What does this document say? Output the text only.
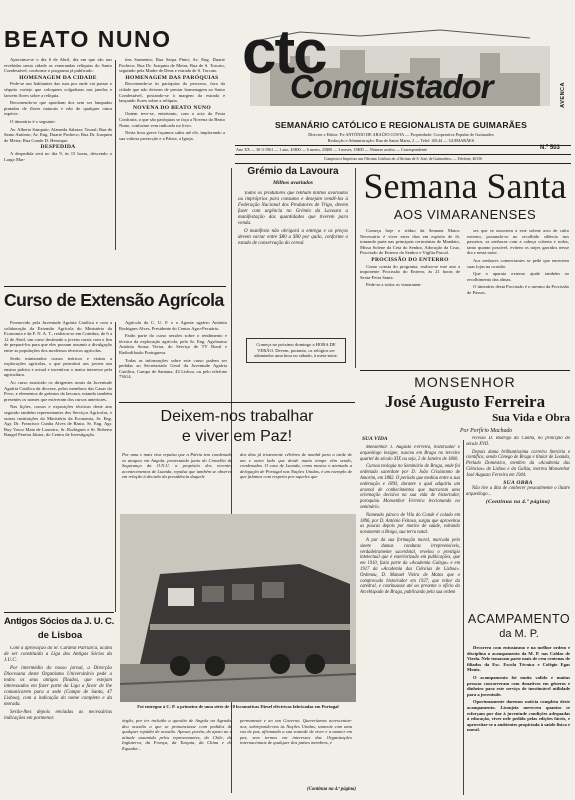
BEATO NUNO

Aproxima-se o dia 6 de Abril, dia em que são aos recebidas nesta cidade as venerandas relíquias do Santo Condestável, conforme o programa já publicado.

HOMENAGEM DA CIDADE

Pede-se aos habitantes das ruas por onde vai passar o séquito cortejo que coloquem colgaduras nas janelas e lancem flores sobre a relíquia.

Recomenda-se que aponham dos sem ser lampadas pintadas de flores naturais e não de qualquer outra espécie.

O itinerário é o seguinte:

Av. Alberto Sampaio; Alameda Salazar; Toural; Rua de Santo António; Av. Eng. Duarte Pacheco; Rua Dr. Joaquim de Meira; Rua Conde D. Henrique.

DESPEDIDA

A despedida será no dia 9, às 15 horas, descendo o Largo Mar-

tins Sarmento; Rua Serpa Pinto; Av. Eng. Duarte Pacheco; Rua Dr. Joaquim de Meira; Rua de S. Torcato, seguindo pela Madre de Deus e estrada de S. Torcato.

HOMENAGEM DAS PARÓQUIAS

Recomenda-se às paróquias do percurso, fora da cidade que não deixem de prestar homenagem ao Santo Condestável, postando-se à margem da estrada e lançando flores sobre a relíquia.

NOVENA DO BEATO NUNO

Ontem teve-se, entretanto, com a acta da Festa Confraria, a que são paróquias se faça a Novena do Beato Nuno, conforme vem indicado no livro.

Nesta hora grave façamos subir até ele, implorando a sua valiosa protecção e a Pátria, a Igreja.

ctc
Conquistador	AVENCA
SEMANÁRIO CATÓLICO E REGIONALISTA DE GUIMARÃES
Director e Editor: P.e ANTÓNIO DE ARAÚJO COSTA — Propriedade: Cooperativa Popular de Guimarães
Redacção e Administração: Rua de Santa Maria, 2 — Telef. 40144 — GUIMARÃES
Ano XX — 30-3-1961 — 1 ano, 45$00 — 6 meses, 25$00 — 3 meses, 15$00 — Número avulso — Correspondente	N.º 503
Composto e Impresso nas Oficinas Gráficas de «Oficinas de S. José, de Guimarães» — Telefone, 40156
Grémio da Lavoura
Milhos avariados

Todos os produtores que tenham milhos avariados ou impróprios para consumo e desejam vendê-los à Federação Nacional dos Produtores de Trigo, devem fazer com urgência no Grémio da Lavoura a manifestação das quantidades que tiverem para venda.

O manifesto não obrigará a entrega e os preços devem variar entre $80 a $90 por quilo, conforme o estado de conservação do cereal.

Começa no próximo domingo a HORA DE VERÃO. Devem, portanto, os relógios ser adiantados uma hora no sábado, à meia-noite.
Semana Santa
AOS VIMARANENSES

Começa hoje o tríduo da Semana Maior. Necessário é viver estes dias em espírito de fé, tomando parte nas principais cerimónias de Mandato, Missa Solene da Ceia do Senhor, Adoração da Cruz, Procissão do Enterro do Senhor e Vigília Pascal.

PROCISSÃO DO ENTERRO

Como consta do programa, realiza-se este ano a imponente Procissão do Enterro, às 21 horas de Sexta-Feira Santa.

Pede-se a todos os vimaranen-

ses que se associem a este solene acto de culto externo, postando-se no recolhido silêncio nos passeios, as senhoras com a cabeça coberta e todos, tanto quanto possível, evitem os trajes garridos nesse dia e nesta noite.

Aos senhores comerciantes se pede que encerrem suas lojas na ocasião.

Que o aparato externo ajude também ao recolhimento das almas.

O itinerário desta Procissão é o mesmo da Procissão de Passos.

MONSENHOR
José Augusto Ferreira
Sua Vida e Obra
Por Porfírio Machado
SUA VIDA

Monsenhor J. Augusto Ferreira, historiador e arqueólogo insigne, nasceu em Braga no terceiro quartel do século XIX ou seja, 2 de Janeiro de 1860.

Cursou teologia no Seminário de Braga, onde foi ordenado sacerdote por D. João Crisóstomo de Amorim, em 1882. O período que mediou entre a sua ordenação e 1893, durante o qual adquiriu um arsenal de conhecimentos que marcaram uma orientação decisiva na sua vida de historiador, paroquiou Monsenhor Ferreira leccionando no seminário.

Nomeado pároco de Vila do Conde é colado em 1896, por D. António Feitosa, surgiu que aproveitou as poucas depois por motivo de saúde, voltando novamente a Braga, sua terra natal.

A par da sua formação moral, marcada pelo sinete dumas condutas irrepreensíveis, verdadeiramente sacerdotal, revelou o prestígio intelectual que é exteriorizado em publicações, que em 1910, fazia parte da «Academia Galega» e em 1917 da «Academia das Ciências de Lisboa». Ordenou, D. Manuel Vieira de Matos que o comprovado historiador em 1927, que reitor da catedral, e continuasse até ao presente o ofício do Arcebispado de Braga, publicando pela sua ordem

recesso D. Rodrigo da Cunha, no princípio do século XVII.

Depois duma brilhantíssima carreira literária e científica, sendo Cónego de Braga e titular de Loanda, Prelado Doméstico, membro da «Academia das Ciências» de Lisboa e da Galiza, morreu Monsenhor José Augusto Ferreira em 1944.

SUA OBRA

Não tive a dita de conhecer pessoalmente o ilustre arqueólogo...

(Continua na 4.ª página)
ACAMPAMENTO
da M. P.

Decorreu com entusiasmo e na melhor ordem e disciplina o acampamento da M. P. nas Caldas de Vizela. Nele tomaram parte mais de cem centenas de filiados da Esc. Escola Técnica e Colégio Egas Moniz.

O acampamento foi muito valido e muitas pessoas concorreram com donativos em géneros e dinheiro para este serviço de inestimável utilidade para a juventude.

Oportunamente daremos notícia completa deste acampamento. Lisonjeia merecem quantos se esforçam por dar à juventude condições adequadas à educação, viver nele pedido pelas edições fáceis, e aproveitar-se a ambientes propiciada à saúde física e moral.

Curso de Extensão Agrícola

Promovido pela Juventude Agrária Católica e com a colaboração da Extensão Agrícola do Ministério da Economia e da F. N. A. T., realizou-se em Coimbra, de 6 a 12 de Abril, um curso destinado a jovens rurais com o fim de prepará-los para que eles possam assumir a divulgação entre as populações dos modernos técnicos agrícolas.

Serão ministrados cursos teóricos e visitas a explorações agrícolas, o que permitirá aos jovens um ensino prático e actual e incentivar o maior interesse pela agricultura.

Ao curso assistirão os dirigentes rurais da Juventude Agrária Católica da diocese, pelos membros das Casas do Povo, e elementos de grémios da lavoura, estando também presentes os nomes que estiveram dos cursos anteriores.

Nas lições, cursos e exposições técnicas deste ano seguirão também representantes dos Serviços Agrícolas, e outras instituições do Ministério da Economia, Sr. Eng. Agr. Dr. Francisco Cunha Alves de Basto, Sr. Eng. Agr. Ruy Vasco Maia de Loureiro, Sr. Rodrigues e Sr. Roberto Rangel Pereira Júnior, do Centro de Investigação.

Agrícola do C. U. F. e o Agente agrário António Rodrigues Alves, Presidente do Centro Agro-Pecuário.

Farão parte do curso sessões sobre o rendimento e técnica da exploração agrícola, pelo Sr. Eng. Agrónomo António Sousa Vieira, do Serviço de TV Rural e Radiodifusão Portuguesa.

Todas as informações sobre este curso podem ser pedidas ao Secretariado Geral da Juventude Agrária Católica, Campo de Santana, 43 Lisboa, ou pelo telefone 73614.

Deixem-nos trabalhar
e viver em Paz!
Por uma e mais viva repulsa que a Pátria tem condenado os ataques em Angola, protestando junto do Conselho de Segurança da O.N.U. a propósito dos recentes acontecimentos de Luanda, repulsa que também se observa em relação à decisão da presidência daquele
dos dias já tristemente célebres de manhã para a tarde de um e outro lado que desde muito tempo vêm sendo, condenados. O caso de Luanda, como mostra o atentado a delegação de Portugal nas Nações Unidas, é um exemplo de que falamos com respeito por aqueles que
Foi entregue à C. P. a primeira de uma série de 10 locomotivas Diesel eléctricas fabricadas em Portugal
órgão, por ter incluído a questão de Angola na Agenda, deu ocasião a que se pronunciasse com pedidos de qualquer repúdio de ocasião. Apesar, porém, do apoio ao a atitude assumida pelos representantes, do Chile, da Inglaterra, da França, da Turquia, da China e do Equador...
permanente e ao seu Governo. Quereríamos acrescentar-nos, sobrepondo-nos às Nações Unidas, somente com uma voz de paz, afirmando a sua vontade de viver e a manter em paz, sem termos em interesses das Organizações internacionais de qualquer dos países membros, e
(Continua na 4.ª página)
Antigos Sócios da J. U. C.
de Lisboa

Com a aprovação do Sr. Cardeal Patriarca, acaba de ser constituída a Liga dos Antigos Sócios da J.U.C.

Por intermédio do nosso jornal, a Direcção Diocesana deste Organismo Universitário pede a todos os seus antigos filiados, que estejam interessados em fazer parte da Liga a favor de lhe comunicarem para a sede (Campo de Santa, 47 Lisboa), com a indicação do nome completo e da morada.

Serão-lhes depois enviadas as necessárias indicações em pormenor.
